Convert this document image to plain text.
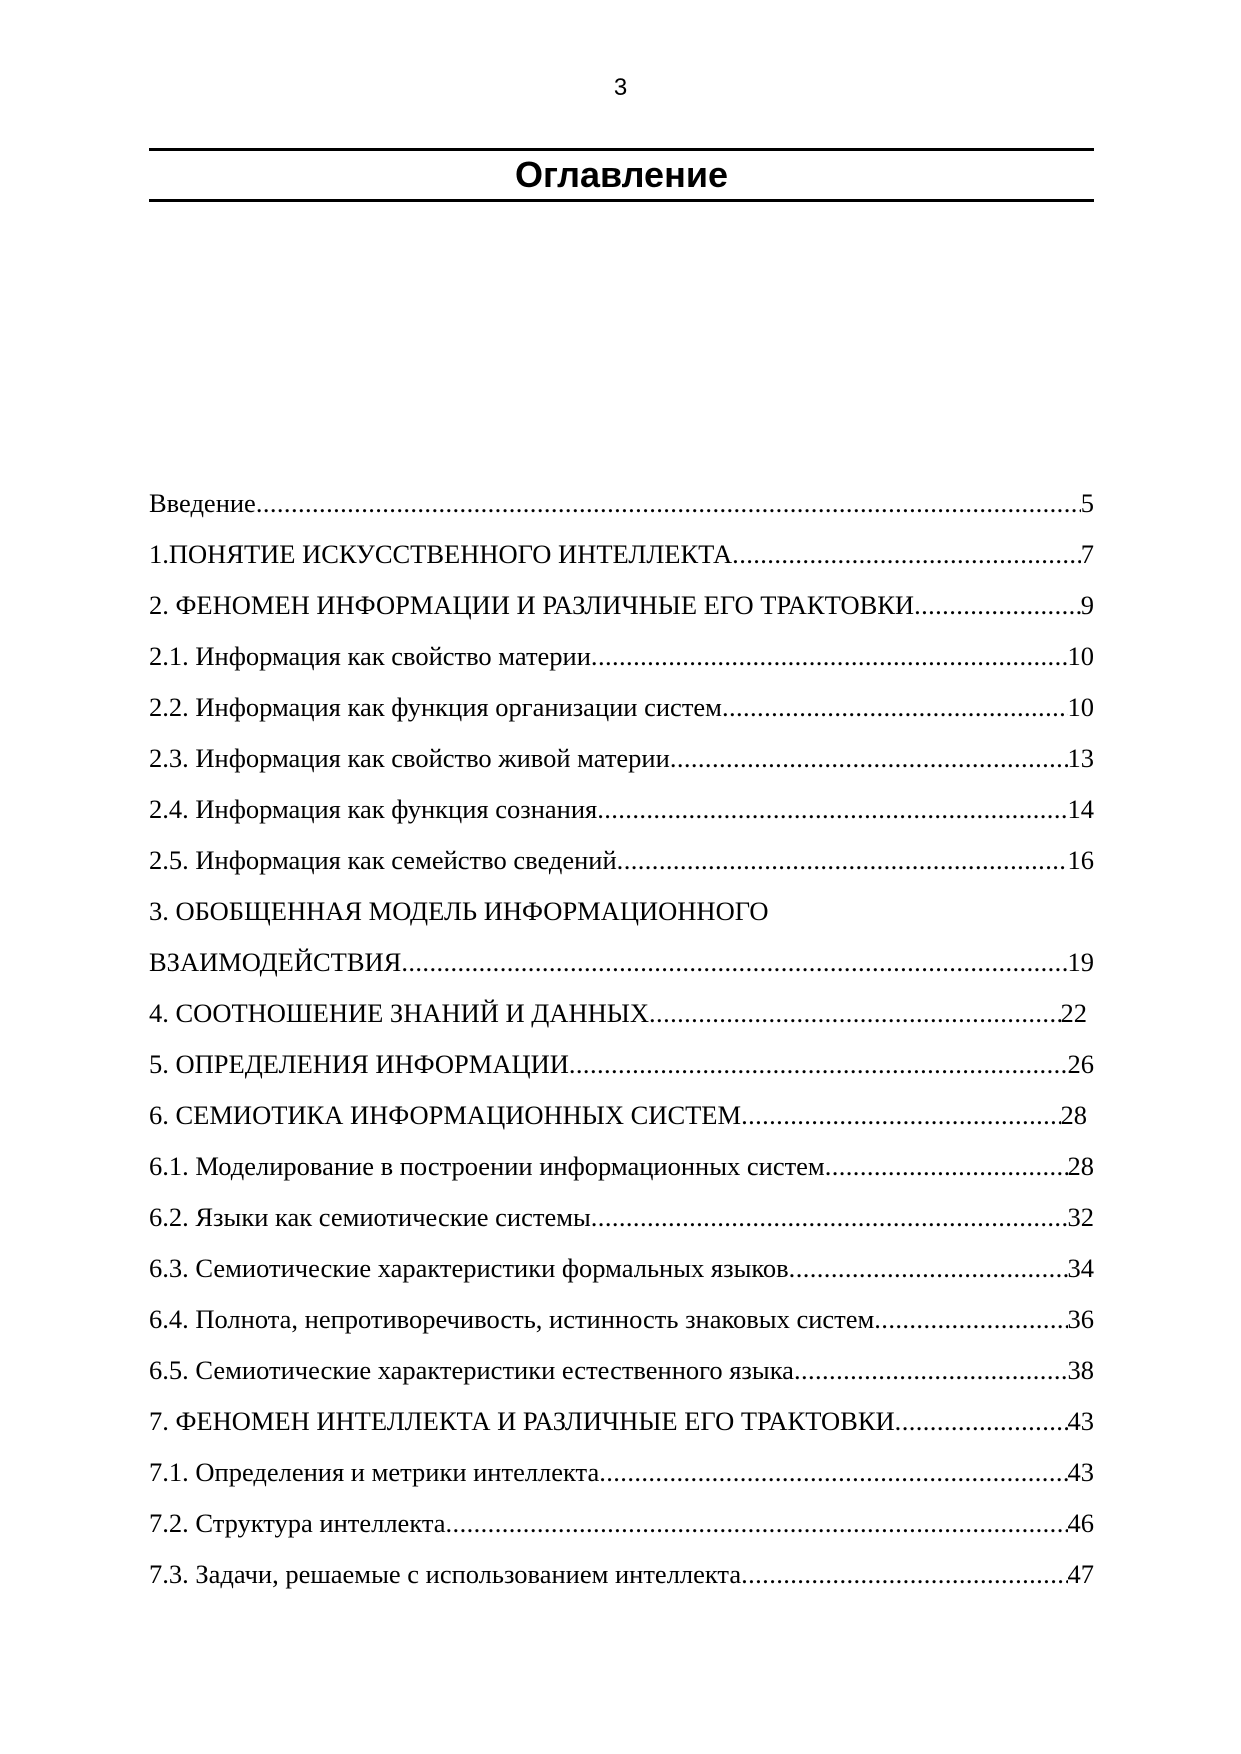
3
Оглавление
Введение .....	5
1.ПОНЯТИЕ ИСКУССТВЕННОГО ИНТЕЛЛЕКТА .....	7
2. ФЕНОМЕН ИНФОРМАЦИИ И РАЗЛИЧНЫЕ ЕГО ТРАКТОВКИ .....	9
2.1. Информация как свойство материи .....	10
2.2. Информация как функция организации систем .....	10
2.3. Информация как свойство живой материи .....	13
2.4. Информация как функция сознания .....	14
2.5. Информация как семейство сведений .....	16
3. ОБОБЩЕННАЯ МОДЕЛЬ ИНФОРМАЦИОННОГО
ВЗАИМОДЕЙСТВИЯ .....	19
4. СООТНОШЕНИЕ ЗНАНИЙ И ДАННЫХ .....	22
5. ОПРЕДЕЛЕНИЯ ИНФОРМАЦИИ .....	26
6. СЕМИОТИКА ИНФОРМАЦИОННЫХ СИСТЕМ .....	28
6.1. Моделирование в построении информационных систем .....	28
6.2. Языки как семиотические системы .....	32
6.3. Семиотические характеристики формальных языков .....	34
6.4. Полнота, непротиворечивость, истинность знаковых систем .....	36
6.5. Семиотические характеристики естественного языка .....	38
7. ФЕНОМЕН ИНТЕЛЛЕКТА И РАЗЛИЧНЫЕ ЕГО ТРАКТОВКИ .....	43
7.1. Определения и метрики интеллекта .....	43
7.2. Структура интеллекта .....	46
7.3. Задачи, решаемые с использованием интеллекта .....	47
